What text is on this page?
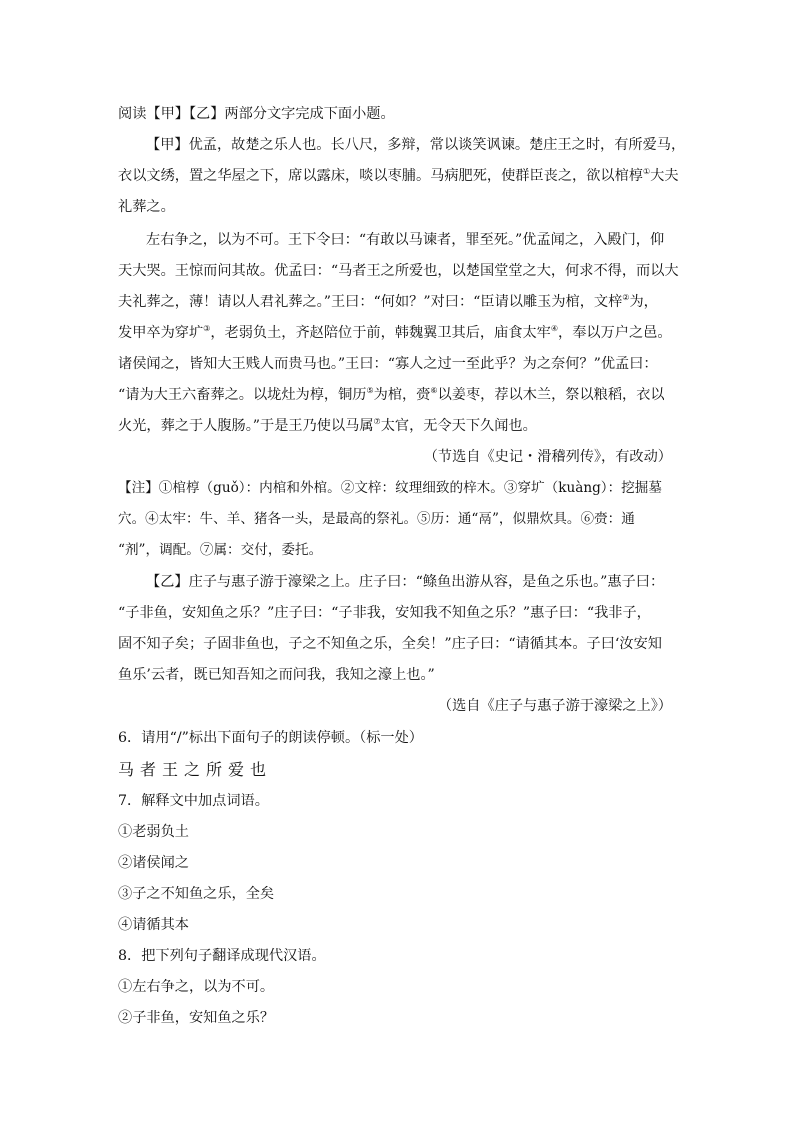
阅读【甲】【乙】两部分文字完成下面小题。
【甲】优孟，故楚之乐人也。长八尺，多辩，常以谈笑讽谏。楚庄王之时，有所爱马，
衣以文绣，置之华屋之下，席以露床，啖以枣脯。马病肥死，使群臣丧之，欲以棺椁①大夫
礼葬之。
左右争之，以为不可。王下令曰：“有敢以马谏者，罪至死。”优孟闻之，入殿门，仰
天大哭。王惊而问其故。优孟曰：“马者王之所爱也，以楚国堂堂之大，何求不得，而以大
夫礼葬之，薄！请以人君礼葬之。”王曰：“何如？”对曰：“臣请以雕玉为棺，文梓②为，
发甲卒为穿圹③，老弱负土，齐赵陪位于前，韩魏翼卫其后，庙食太牢④，奉以万户之邑。
诸侯闻之，皆知大王贱人而贵马也。”王曰：“寡人之过一至此乎？为之奈何？”优孟曰：
“请为大王六畜葬之。以垅灶为椁，铜历⑤为棺，赍⑥以姜枣，荐以木兰，祭以粮稻，衣以
火光，葬之于人腹肠。”于是王乃使以马属⑦太官，无令天下久闻也。
（节选自《史记・滑稽列传》，有改动）
【注】①棺椁（guǒ）：内棺和外棺。②文梓：纹理细致的梓木。③穿圹（kuàng）：挖掘墓
穴。④太牢：牛、羊、猪各一头，是最高的祭礼。⑤历：通“鬲”，似鼎炊具。⑥赍：通
“剂”，调配。⑦属：交付，委托。
【乙】庄子与惠子游于濠梁之上。庄子曰：“鲦鱼出游从容，是鱼之乐也。”惠子曰：
“子非鱼，安知鱼之乐？”庄子曰：“子非我，安知我不知鱼之乐？”惠子曰：“我非子，
固不知子矣；子固非鱼也，子之不知鱼之乐，全矣！”庄子曰：“请循其本。子曰‘汝安知
鱼乐’云者，既已知吾知之而问我，我知之濠上也。”
（选自《庄子与惠子游于濠梁之上》）
6．请用“/”标出下面句子的朗读停顿。（标一处）
马者王之所爱也
7．解释文中加点词语。
①老弱负土
②诸侯闻之
③子之不知鱼之乐，全矣
④请循其本
8．把下列句子翻译成现代汉语。
①左右争之，以为不可。
②子非鱼，安知鱼之乐？
